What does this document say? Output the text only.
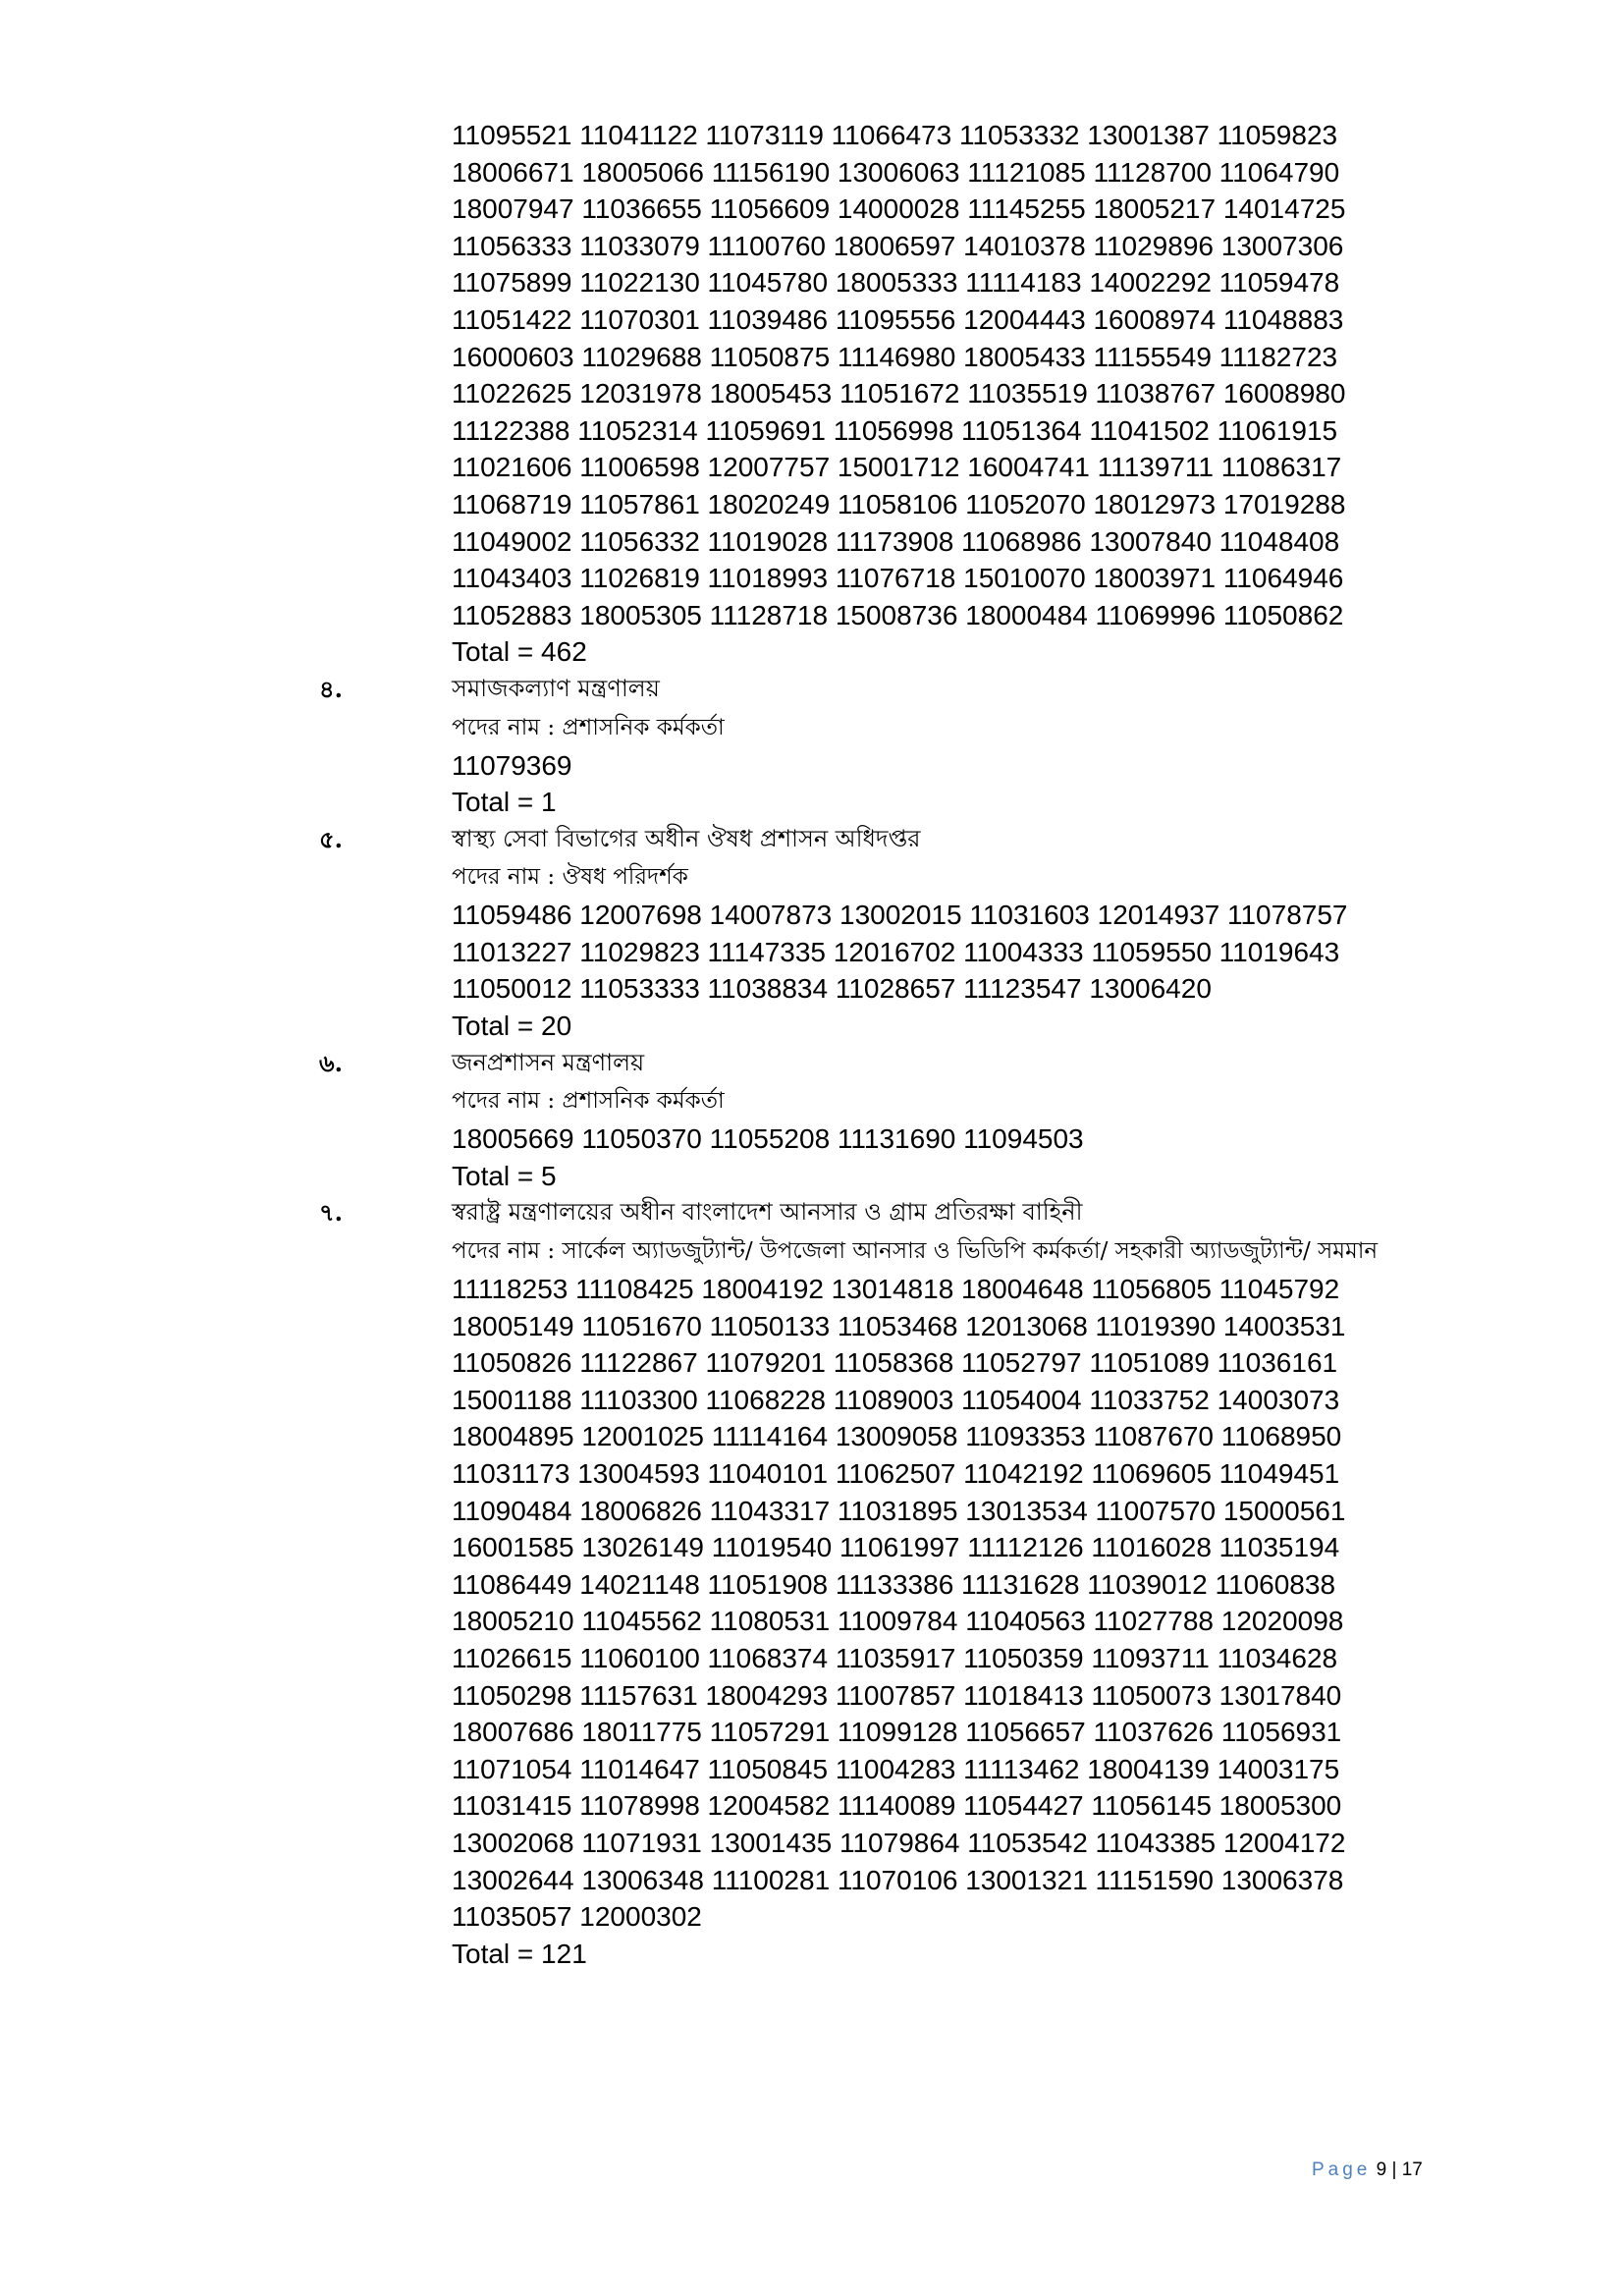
11095521 11041122 11073119 11066473 11053332 13001387 11059823
18006671 18005066 11156190 13006063 11121085 11128700 11064790
18007947 11036655 11056609 14000028 11145255 18005217 14014725
11056333 11033079 11100760 18006597 14010378 11029896 13007306
11075899 11022130 11045780 18005333 11114183 14002292 11059478
11051422 11070301 11039486 11095556 12004443 16008974 11048883
16000603 11029688 11050875 11146980 18005433 11155549 11182723
11022625 12031978 18005453 11051672 11035519 11038767 16008980
11122388 11052314 11059691 11056998 11051364 11041502 11061915
11021606 11006598 12007757 15001712 16004741 11139711 11086317
11068719 11057861 18020249 11058106 11052070 18012973 17019288
11049002 11056332 11019028 11173908 11068986 13007840 11048408
11043403 11026819 11018993 11076718 15010070 18003971 11064946
11052883 18005305 11128718 15008736 18000484 11069996 11050862
Total = 462
৪.	সমাজকল্যাণ মন্ত্রণালয়
পদের নাম : প্রশাসনিক কর্মকর্তা
11079369
Total = 1
৫.	স্বাস্থ্য সেবা বিভাগের অধীন ঔষধ প্রশাসন অধিদপ্তর
পদের নাম : ঔষধ পরিদর্শক
11059486 12007698 14007873 13002015 11031603 12014937 11078757
11013227 11029823 11147335 12016702 11004333 11059550 11019643
11050012 11053333 11038834 11028657 11123547 13006420
Total = 20
৬.	জনপ্রশাসন মন্ত্রণালয়
পদের নাম : প্রশাসনিক কর্মকর্তা
18005669 11050370 11055208 11131690 11094503
Total = 5
৭.	স্বরাষ্ট্র মন্ত্রণালয়ের অধীন বাংলাদেশ আনসার ও গ্রাম প্রতিরক্ষা বাহিনী
পদের নাম : সার্কেল অ্যাডজুট্যান্ট/ উপজেলা আনসার ও ভিডিপি কর্মকর্তা/ সহকারী অ্যাডজুট্যান্ট/ সমমান
11118253 11108425 18004192 13014818 18004648 11056805 11045792
18005149 11051670 11050133 11053468 12013068 11019390 14003531
11050826 11122867 11079201 11058368 11052797 11051089 11036161
15001188 11103300 11068228 11089003 11054004 11033752 14003073
18004895 12001025 11114164 13009058 11093353 11087670 11068950
11031173 13004593 11040101 11062507 11042192 11069605 11049451
11090484 18006826 11043317 11031895 13013534 11007570 15000561
16001585 13026149 11019540 11061997 11112126 11016028 11035194
11086449 14021148 11051908 11133386 11131628 11039012 11060838
18005210 11045562 11080531 11009784 11040563 11027788 12020098
11026615 11060100 11068374 11035917 11050359 11093711 11034628
11050298 11157631 18004293 11007857 11018413 11050073 13017840
18007686 18011775 11057291 11099128 11056657 11037626 11056931
11071054 11014647 11050845 11004283 11113462 18004139 14003175
11031415 11078998 12004582 11140089 11054427 11056145 18005300
13002068 11071931 13001435 11079864 11053542 11043385 12004172
13002644 13006348 11100281 11070106 13001321 11151590 13006378
11035057 12000302
Total = 121
Page 9 | 17
